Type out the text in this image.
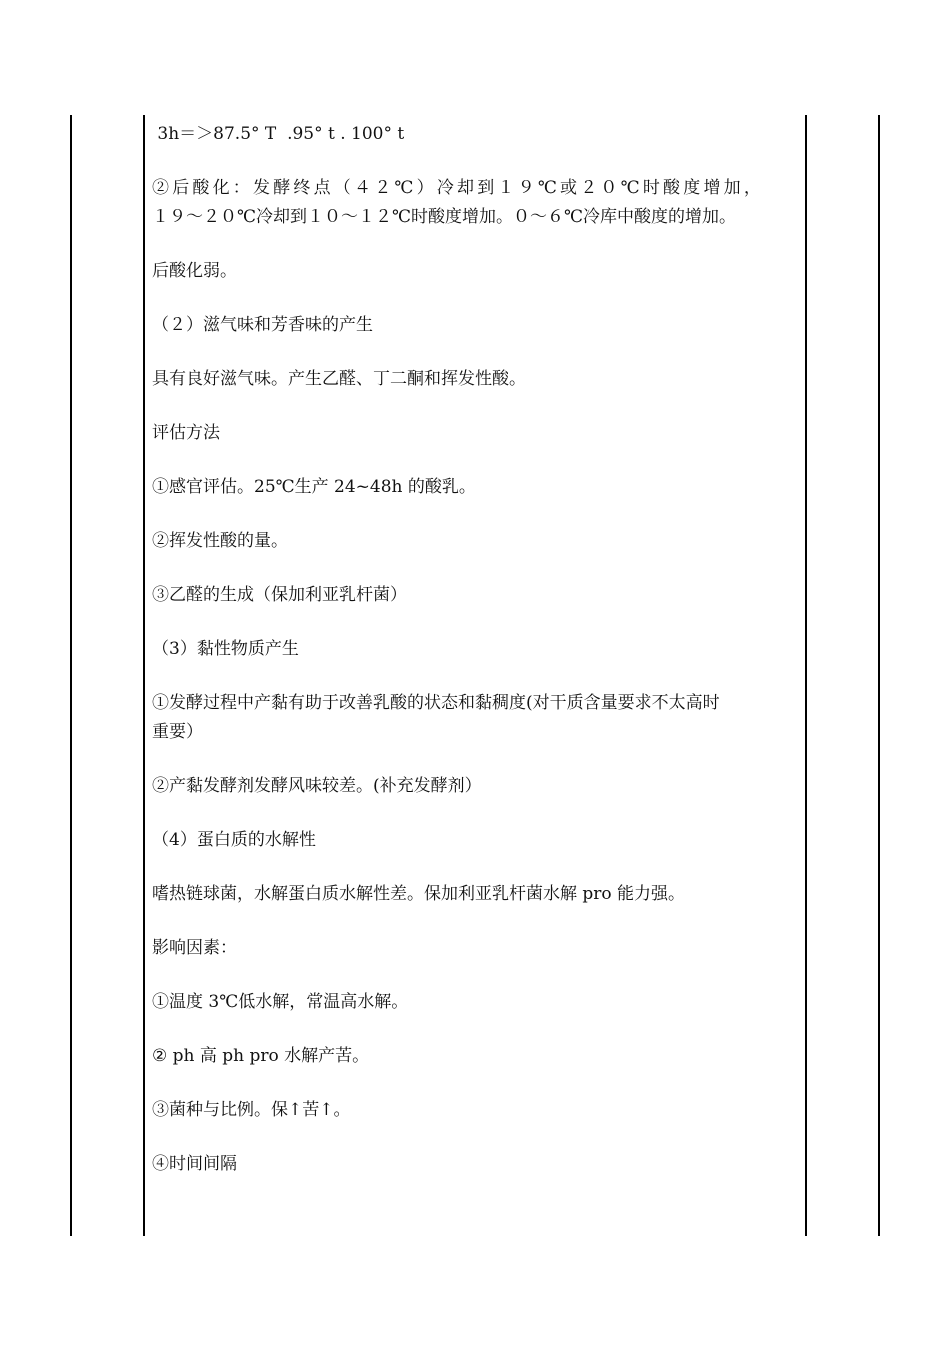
3h＝＞87.5° T  .95° t . 100° t

②后酸化：发酵终点（４２℃）冷却到１９℃或２０℃时酸度增加，

１９～２０℃冷却到１０～１２℃时酸度增加。０～６℃冷库中酸度的增加。

后酸化弱。

（２）滋气味和芳香味的产生

具有良好滋气味。产生乙醛、丁二酮和挥发性酸。

评估方法

①感官评估。25℃生产 24~48h 的酸乳。

②挥发性酸的量。

③乙醛的生成（保加利亚乳杆菌）

（3）黏性物质产生

①发酵过程中产黏有助于改善乳酸的状态和黏稠度(对干质含量要求不太高时

重要）

②产黏发酵剂发酵风味较差。(补充发酵剂）

（4）蛋白质的水解性

嗜热链球菌，水解蛋白质水解性差。保加利亚乳杆菌水解 pro 能力强。

影响因素：

①温度 3℃低水解，常温高水解。

② ph 高 ph pro 水解产苦。

③菌种与比例。保↑苦↑。

④时间间隔
